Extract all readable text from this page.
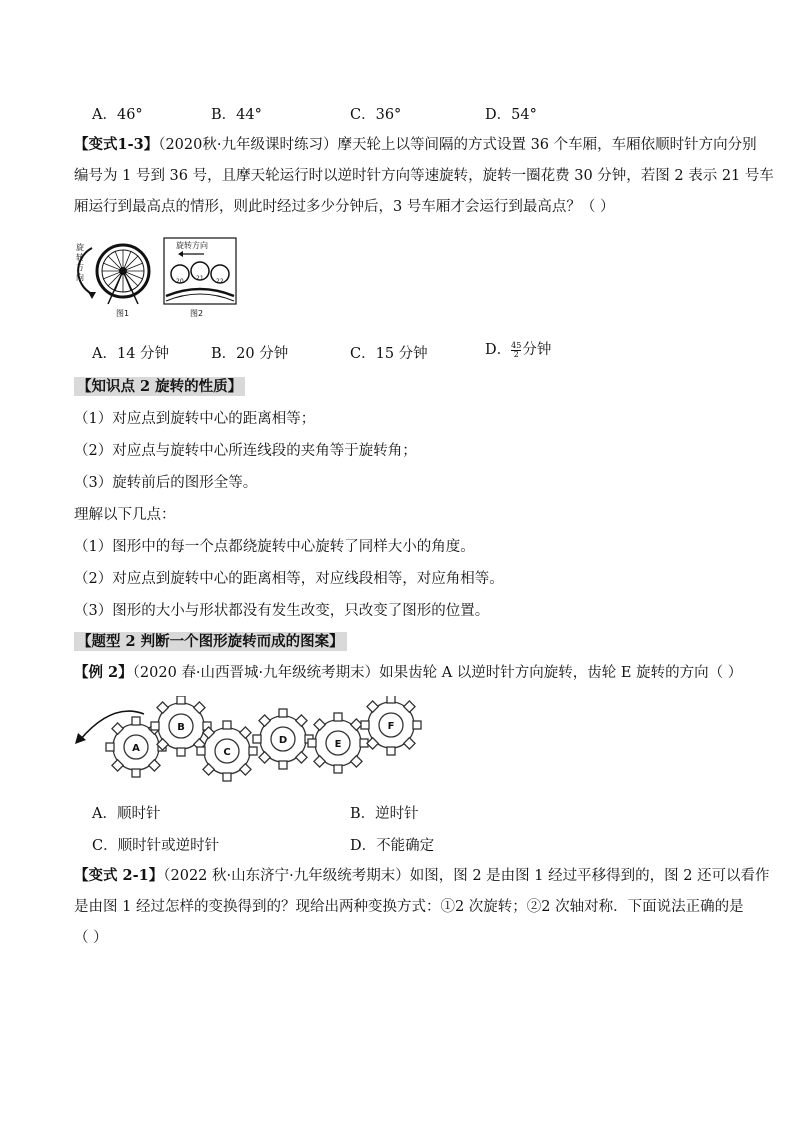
A．46°	B．44°	C．36°	D．54°
【变式1-3】（2020秋·九年级课时练习）摩天轮上以等间隔的方式设置 36 个车厢，车厢依顺时针方向分别
编号为 1 号到 36 号，且摩天轮运行时以逆时针方向等速旋转，旋转一圈花费 30 分钟，若图 2 表示 21 号车
厢运行到最高点的情形，则此时经过多少分钟后，3 号车厢才会运行到最高点？（ ）
旋
转
方
向
图1
旋转方向
20 21 22
图2
A．14 分钟	B．20 分钟	C．15 分钟	D． $\frac{45}{2}$ 分钟
【知识点 2 旋转的性质】
（1）对应点到旋转中心的距离相等；
（2）对应点与旋转中心所连线段的夹角等于旋转角；
（3）旋转前后的图形全等。
理解以下几点：
（1）图形中的每一个点都绕旋转中心旋转了同样大小的角度。
（2）对应点到旋转中心的距离相等，对应线段相等，对应角相等。
（3）图形的大小与形状都没有发生改变，只改变了图形的位置。
【题型 2 判断一个图形旋转而成的图案】
【例 2】（2020 春·山西晋城·九年级统考期末）如果齿轮 A 以逆时针方向旋转，齿轮 E 旋转的方向（ ）
A
B
C
D	E
F
A．顺时针	B．逆时针
C．顺时针或逆时针	D．不能确定
【变式 2-1】（2022 秋·山东济宁·九年级统考期末）如图，图 2 是由图 1 经过平移得到的，图 2 还可以看作
是由图 1 经过怎样的变换得到的？现给出两种变换方式：①2 次旋转；②2 次轴对称．下面说法正确的是
（ ）
